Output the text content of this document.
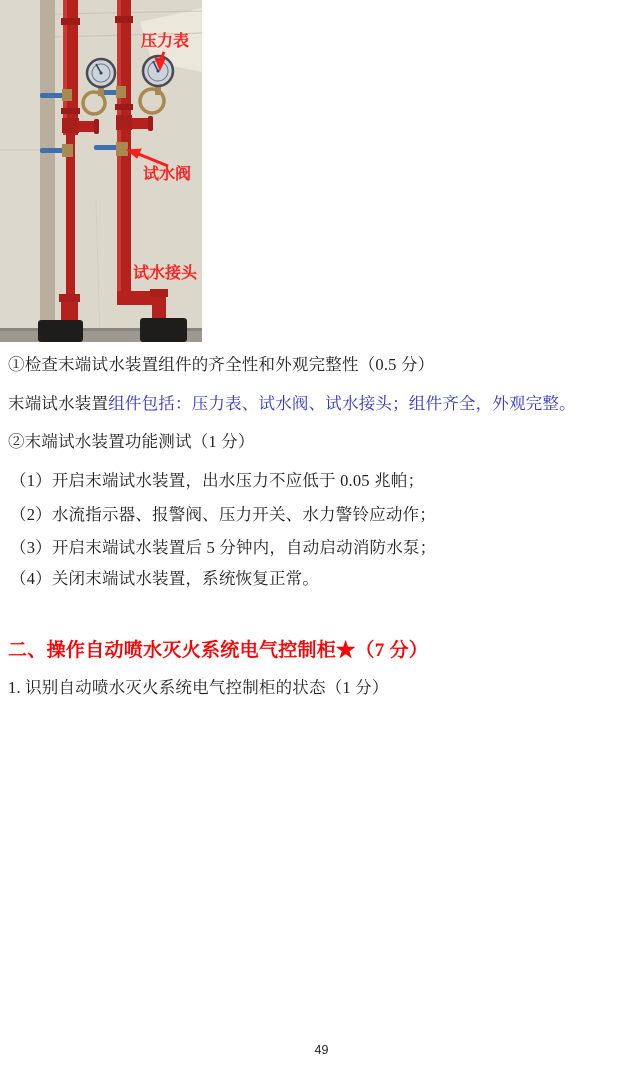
压力表
试水阀
试水接头

①检查末端试水装置组件的齐全性和外观完整性（0.5 分）

末端试水装置组件包括：压力表、试水阀、试水接头；组件齐全，外观完整。

②末端试水装置功能测试（1 分）

（1）开启末端试水装置，出水压力不应低于 0.05 兆帕；

（2）水流指示器、报警阀、压力开关、水力警铃应动作；

（3）开启末端试水装置后 5 分钟内，自动启动消防水泵；

（4）关闭末端试水装置，系统恢复正常。

二、操作自动喷水灭火系统电气控制柜★（7 分）

1. 识别自动喷水灭火系统电气控制柜的状态（1 分）

49
